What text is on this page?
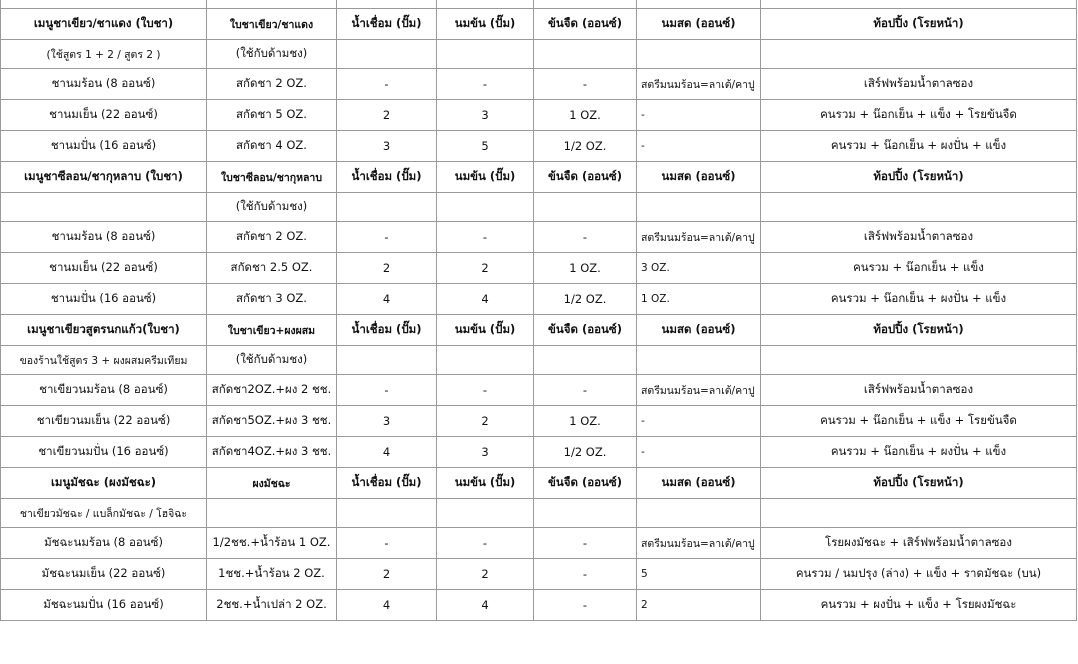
เมนูชาเขียว/ชาแดง (ใบชา)	ใบชาเขียว/ชาแดง	น้ำเชื่อม (ปั๊ม)	นมข้น (ปั๊ม)	ข้นจืด (ออนซ์)	นมสด (ออนซ์)	ท้อปปิ้ง (โรยหน้า)
(ใช้สูตร 1 + 2 / สูตร 2 )	(ใช้กับด้ามชง)					
ชานมร้อน (8 ออนซ์)	สกัดชา 2 OZ.	-	-	-	สตรีมนมร้อน=ลาเต้/คาปู	เสิร์ฟพร้อมน้ำตาลซอง
ชานมเย็น (22 ออนซ์)	สกัดชา 5 OZ.	2	3	1 OZ.	-	คนรวม + น๊อกเย็น + แข็ง + โรยข้นจืด
ชานมปั่น (16 ออนซ์)	สกัดชา 4 OZ.	3	5	1/2 OZ.	-	คนรวม + น๊อกเย็น + ผงปั่น + แข็ง
เมนูชาซีลอน/ชากุหลาบ (ใบชา)	ใบชาซีลอน/ชากุหลาบ	น้ำเชื่อม (ปั๊ม)	นมข้น (ปั๊ม)	ข้นจืด (ออนซ์)	นมสด (ออนซ์)	ท้อปปิ้ง (โรยหน้า)
	(ใช้กับด้ามชง)					
ชานมร้อน (8 ออนซ์)	สกัดชา 2 OZ.	-	-	-	สตรีมนมร้อน=ลาเต้/คาปู	เสิร์ฟพร้อมน้ำตาลซอง
ชานมเย็น (22 ออนซ์)	สกัดชา 2.5 OZ.	2	2	1 OZ.	3 OZ.	คนรวม + น๊อกเย็น + แข็ง
ชานมปั่น (16 ออนซ์)	สกัดชา 3 OZ.	4	4	1/2 OZ.	1 OZ.	คนรวม + น๊อกเย็น + ผงปั่น + แข็ง
เมนูชาเขียวสูตรนกแก้ว(ใบชา)	ใบชาเขียว+ผงผสม	น้ำเชื่อม (ปั๊ม)	นมข้น (ปั๊ม)	ข้นจืด (ออนซ์)	นมสด (ออนซ์)	ท้อปปิ้ง (โรยหน้า)
ของร้านใช้สูตร 3 + ผงผสมครีมเทียม	(ใช้กับด้ามชง)					
ชาเขียวนมร้อน (8 ออนซ์)	สกัดชา2OZ.+ผง 2 ชช.	-	-	-	สตรีมนมร้อน=ลาเต้/คาปู	เสิร์ฟพร้อมน้ำตาลซอง
ชาเขียวนมเย็น (22 ออนซ์)	สกัดชา5OZ.+ผง 3 ชช.	3	2	1 OZ.	-	คนรวม + น๊อกเย็น + แข็ง + โรยข้นจืด
ชาเขียวนมปั่น (16 ออนซ์)	สกัดชา4OZ.+ผง 3 ชช.	4	3	1/2 OZ.	-	คนรวม + น๊อกเย็น + ผงปั่น + แข็ง
เมนูมัชฉะ (ผงมัชฉะ)	ผงมัชฉะ	น้ำเชื่อม (ปั๊ม)	นมข้น (ปั๊ม)	ข้นจืด (ออนซ์)	นมสด (ออนซ์)	ท้อปปิ้ง (โรยหน้า)
ชาเขียวมัชฉะ / แบล็กมัชฉะ / โฮจิฉะ						
มัชฉะนมร้อน (8 ออนซ์)	1/2ชช.+น้ำร้อน 1 OZ.	-	-	-	สตรีมนมร้อน=ลาเต้/คาปู	โรยผงมัชฉะ + เสิร์ฟพร้อมน้ำตาลซอง
มัชฉะนมเย็น (22 ออนซ์)	1ชช.+น้ำร้อน 2 OZ.	2	2	-	5	คนรวม / นมปรุง (ล่าง) + แข็ง + ราดมัชฉะ (บน)
มัชฉะนมปั่น (16 ออนซ์)	2ชช.+น้ำเปล่า 2 OZ.	4	4	-	2	คนรวม + ผงปั่น + แข็ง + โรยผงมัชฉะ
